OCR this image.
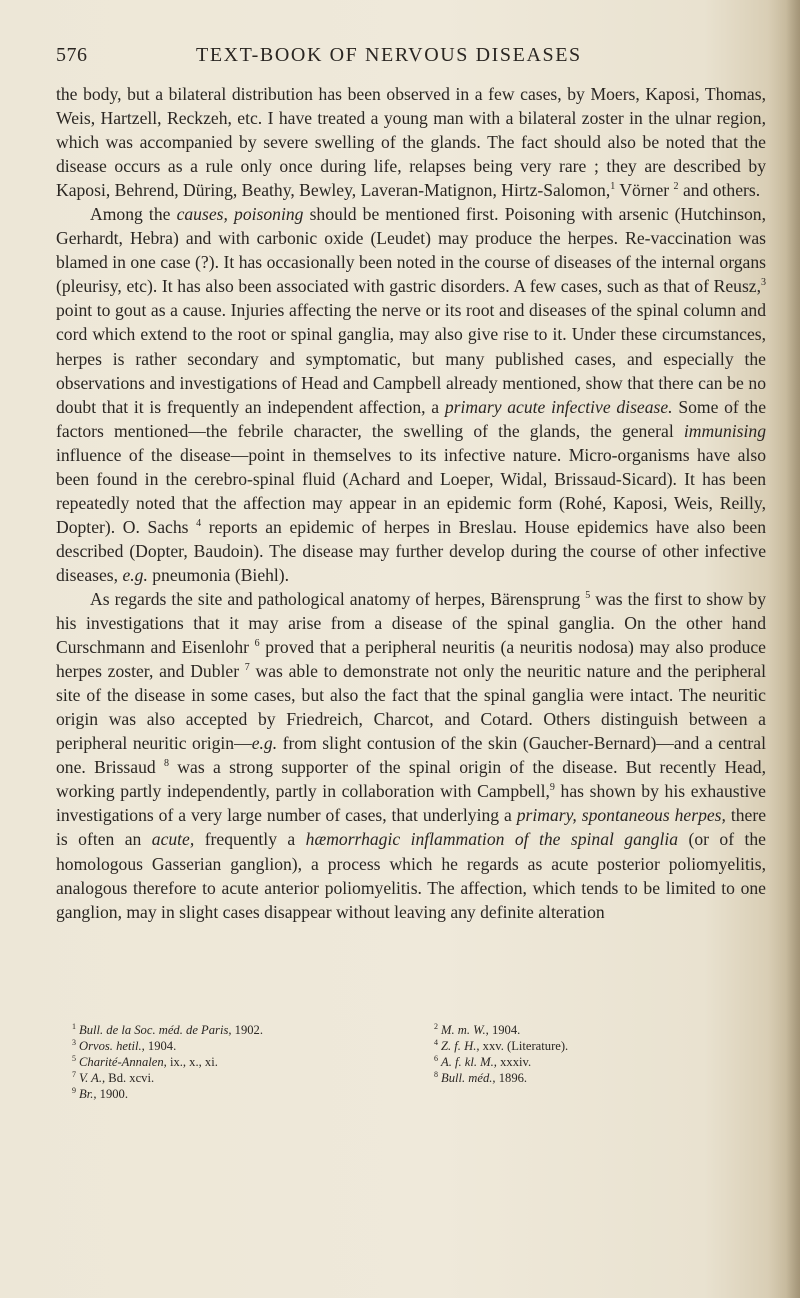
576	TEXT-BOOK OF NERVOUS DISEASES

the body, but a bilateral distribution has been observed in a few cases, by Moers, Kaposi, Thomas, Weis, Hartzell, Reckzeh, etc. I have treated a young man with a bilateral zoster in the ulnar region, which was accompanied by severe swelling of the glands. The fact should also be noted that the disease occurs as a rule only once during life, relapses being very rare ; they are described by Kaposi, Behrend, Düring, Beathy, Bewley, Laveran-Matignon, Hirtz-Salomon,$^1$ Vörner $^2$ and others.

Among the causes, poisoning should be mentioned first. Poisoning with arsenic (Hutchinson, Gerhardt, Hebra) and with carbonic oxide (Leudet) may produce the herpes. Re-vaccination was blamed in one case (?). It has occasionally been noted in the course of diseases of the internal organs (pleurisy, etc). It has also been associated with gastric disorders. A few cases, such as that of Reusz,$^3$ point to gout as a cause. Injuries affecting the nerve or its root and diseases of the spinal column and cord which extend to the root or spinal ganglia, may also give rise to it. Under these circumstances, herpes is rather secondary and symptomatic, but many published cases, and especially the observations and investigations of Head and Campbell already mentioned, show that there can be no doubt that it is frequently an independent affection, a primary acute infective disease. Some of the factors mentioned—the febrile character, the swelling of the glands, the general immunising influence of the disease—point in themselves to its infective nature. Micro-organisms have also been found in the cerebro-spinal fluid (Achard and Loeper, Widal, Brissaud-Sicard). It has been repeatedly noted that the affection may appear in an epidemic form (Rohé, Kaposi, Weis, Reilly, Dopter). O. Sachs $^4$ reports an epidemic of herpes in Breslau. House epidemics have also been described (Dopter, Baudoin). The disease may further develop during the course of other infective diseases, e.g. pneumonia (Biehl).

As regards the site and pathological anatomy of herpes, Bärensprung $^5$ was the first to show by his investigations that it may arise from a disease of the spinal ganglia. On the other hand Curschmann and Eisenlohr $^6$ proved that a peripheral neuritis (a neuritis nodosa) may also produce herpes zoster, and Dubler $^7$ was able to demonstrate not only the neuritic nature and the peripheral site of the disease in some cases, but also the fact that the spinal ganglia were intact. The neuritic origin was also accepted by Friedreich, Charcot, and Cotard. Others distinguish between a peripheral neuritic origin—e.g. from slight contusion of the skin (Gaucher-Bernard)—and a central one. Brissaud $^8$ was a strong supporter of the spinal origin of the disease. But recently Head, working partly independently, partly in collaboration with Campbell,$^9$ has shown by his exhaustive investigations of a very large number of cases, that underlying a primary, spontaneous herpes, there is often an acute, frequently a hæmorrhagic inflammation of the spinal ganglia (or of the homologous Gasserian ganglion), a process which he regards as acute posterior poliomyelitis, analogous therefore to acute anterior poliomyelitis. The affection, which tends to be limited to one ganglion, may in slight cases disappear without leaving any definite alteration

$^1$ Bull. de la Soc. méd. de Paris, 1902.
$^3$ Orvos. hetil., 1904.
$^5$ Charité-Annalen, ix., x., xi.
$^7$ V. A., Bd. xcvi.
$^9$ Br., 1900.
$^2$ M. m. W., 1904.
$^4$ Z. f. H., xxv. (Literature).
$^6$ A. f. kl. M., xxxiv.
$^8$ Bull. méd., 1896.
